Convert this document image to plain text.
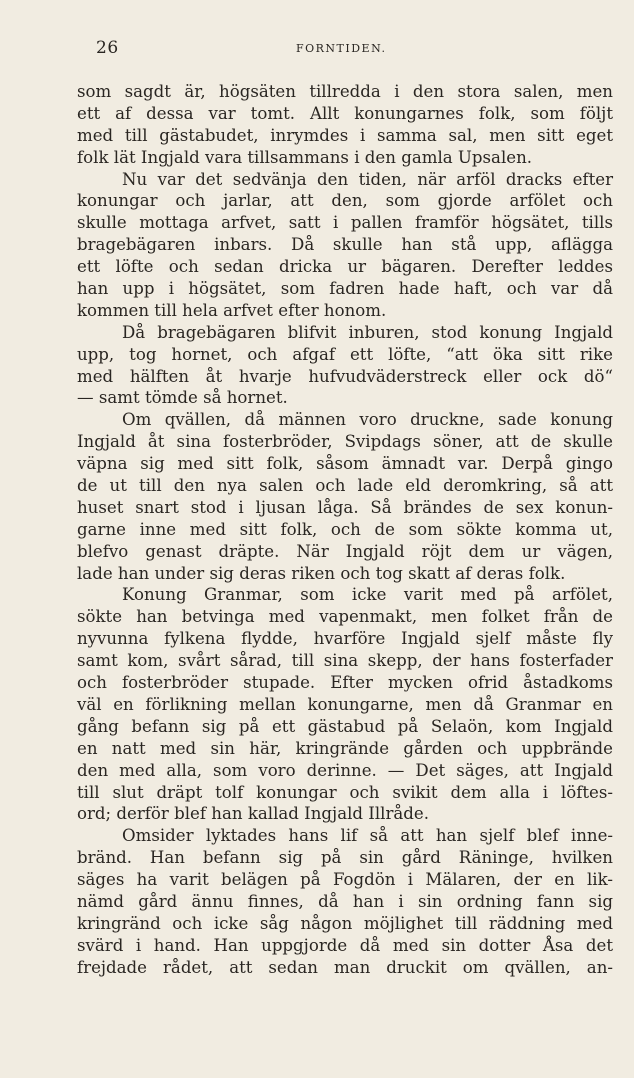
26	FORNTIDEN.
som sagdt är, högsäten tillredda i den stora salen, men
ett af dessa var tomt. Allt konungarnes folk, som följt
med till gästabudet, inrymdes i samma sal, men sitt eget
folk lät Ingjald vara tillsammans i den gamla Upsalen.
Nu var det sedvänja den tiden, när arföl dracks efter
konungar och jarlar, att den, som gjorde arfölet och
skulle mottaga arfvet, satt i pallen framför högsätet, tills
bragebägaren inbars. Då skulle han stå upp, aflägga
ett löfte och sedan dricka ur bägaren. Derefter leddes
han upp i högsätet, som fadren hade haft, och var då
kommen till hela arfvet efter honom.
Då bragebägaren blifvit inburen, stod konung Ingjald
upp, tog hornet, och afgaf ett löfte, “att öka sitt rike
med hälften åt hvarje hufvudväderstreck eller ock dö“
— samt tömde så hornet.
Om qvällen, då männen voro druckne, sade konung
Ingjald åt sina fosterbröder, Svipdags söner, att de skulle
väpna sig med sitt folk, såsom ämnadt var. Derpå gingo
de ut till den nya salen och lade eld deromkring, så att
huset snart stod i ljusan låga. Så brändes de sex konun-
garne inne med sitt folk, och de som sökte komma ut,
blefvo genast dräpte. När Ingjald röjt dem ur vägen,
lade han under sig deras riken och tog skatt af deras folk.
Konung Granmar, som icke varit med på arfölet,
sökte han betvinga med vapenmakt, men folket från de
nyvunna fylkena flydde, hvarföre Ingjald sjelf måste fly
samt kom, svårt sårad, till sina skepp, der hans fosterfader
och fosterbröder stupade. Efter mycken ofrid åstadkoms
väl en förlikning mellan konungarne, men då Granmar en
gång befann sig på ett gästabud på Selaön, kom Ingjald
en natt med sin här, kringrände gården och uppbrände
den med alla, som voro derinne. — Det säges, att Ingjald
till slut dräpt tolf konungar och svikit dem alla i löftes-
ord; derför blef han kallad Ingjald Illråde.
Omsider lyktades hans lif så att han sjelf blef inne-
bränd. Han befann sig på sin gård Räninge, hvilken
säges ha varit belägen på Fogdön i Mälaren, der en lik-
nämd gård ännu finnes, då han i sin ordning fann sig
kringränd och icke såg någon möjlighet till räddning med
svärd i hand. Han uppgjorde då med sin dotter Åsa det
frejdade rådet, att sedan man druckit om qvällen, an-
